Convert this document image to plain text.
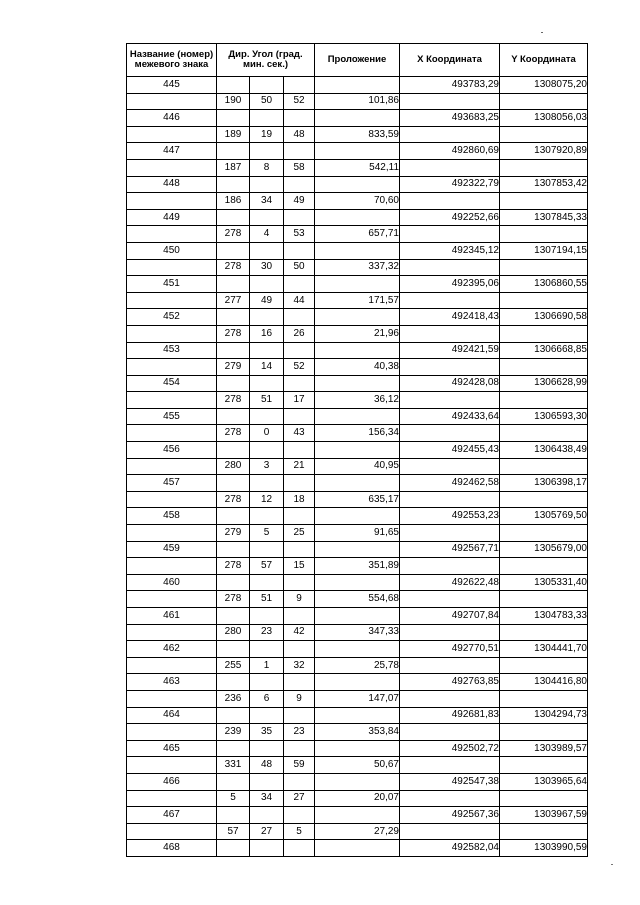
Название (номер) межевого знака	Дир. Угол (град. мин. сек.)			Проложение	X Координата	Y Координата
445					493783,29	1308075,20
	190	50	52	101,86		
446					493683,25	1308056,03
	189	19	48	833,59		
447					492860,69	1307920,89
	187	8	58	542,11		
448					492322,79	1307853,42
	186	34	49	70,60		
449					492252,66	1307845,33
	278	4	53	657,71		
450					492345,12	1307194,15
	278	30	50	337,32		
451					492395,06	1306860,55
	277	49	44	171,57		
452					492418,43	1306690,58
	278	16	26	21,96		
453					492421,59	1306668,85
	279	14	52	40,38		
454					492428,08	1306628,99
	278	51	17	36,12		
455					492433,64	1306593,30
	278	0	43	156,34		
456					492455,43	1306438,49
	280	3	21	40,95		
457					492462,58	1306398,17
	278	12	18	635,17		
458					492553,23	1305769,50
	279	5	25	91,65		
459					492567,71	1305679,00
	278	57	15	351,89		
460					492622,48	1305331,40
	278	51	9	554,68		
461					492707,84	1304783,33
	280	23	42	347,33		
462					492770,51	1304441,70
	255	1	32	25,78		
463					492763,85	1304416,80
	236	6	9	147,07		
464					492681,83	1304294,73
	239	35	23	353,84		
465					492502,72	1303989,57
	331	48	59	50,67		
466					492547,38	1303965,64
	5	34	27	20,07		
467					492567,36	1303967,59
	57	27	5	27,29		
468					492582,04	1303990,59
